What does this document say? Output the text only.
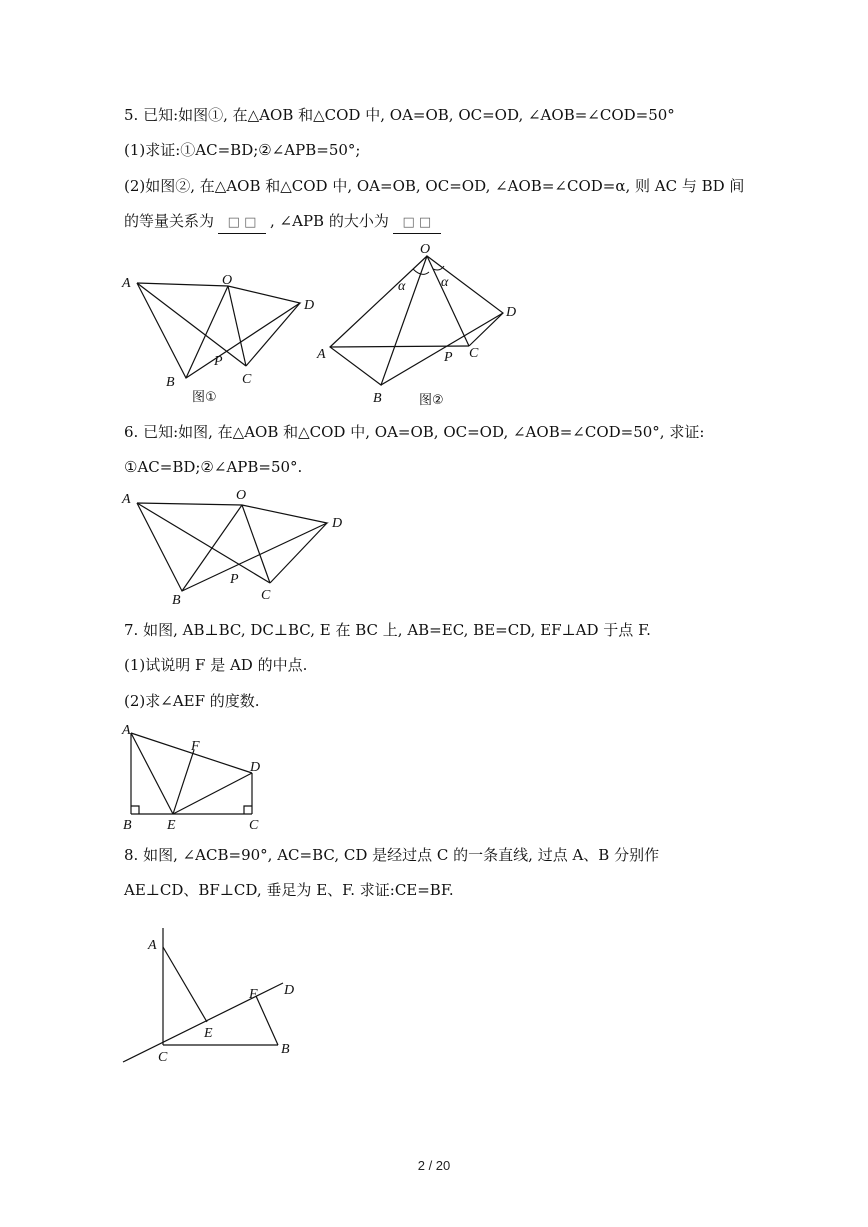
5. 已知:如图①, 在△AOB 和△COD 中, OA=OB, OC=OD, ∠AOB=∠COD=50°
(1)求证:①AC=BD;②∠APB=50°;
(2)如图②, 在△AOB 和△COD 中, OA=OB, OC=OD, ∠AOB=∠COD=α, 则 AC 与 BD 间
的等量关系为 □ □ , ∠APB 的大小为 □ □
A	O
D
B
P
C
图①
O
α	α
D
A	P C
B	图②
6. 已知:如图, 在△AOB 和△COD 中, OA=OB, OC=OD, ∠AOB=∠COD=50°, 求证:
①AC=BD;②∠APB=50°.
A	O
D
B
P
C
7. 如图, AB⊥BC, DC⊥BC, E 在 BC 上, AB=EC, BE=CD, EF⊥AD 于点 F.
(1)试说明 F 是 AD 的中点.
(2)求∠AEF 的度数.
A
F
D
B	E	C
8. 如图, ∠ACB=90°, AC=BC, CD 是经过点 C 的一条直线, 过点 A、B 分别作
AE⊥CD、BF⊥CD, 垂足为 E、F. 求证:CE=BF.
A
F D
E
C
B
2 / 20
